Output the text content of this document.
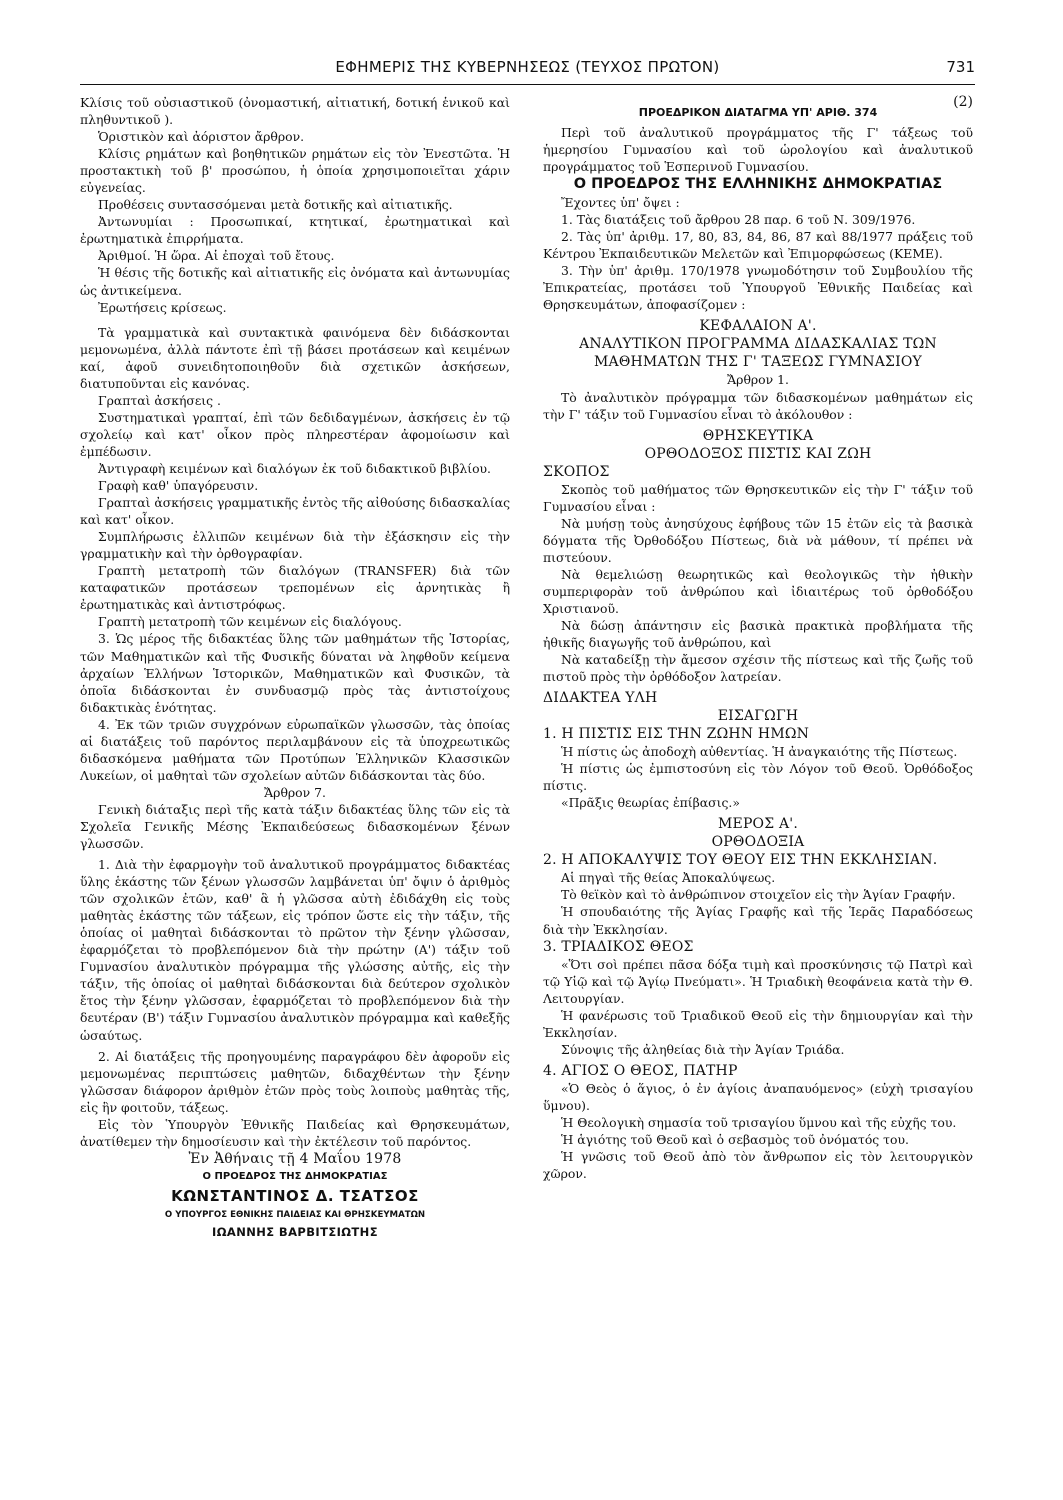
ΕΦΗΜΕΡΙΣ ΤΗΣ ΚΥΒΕΡΝΗΣΕΩΣ (ΤΕΥΧΟΣ ΠΡΩΤΟΝ)	731

Κλίσις τοῦ οὐσιαστικοῦ (ὀνομαστική, αἰτιατική, δοτική ἑνικοῦ καὶ πληθυντικοῦ ).

Ὁριστικὸν καὶ ἀόριστον ἄρθρον.

Κλίσις ρημάτων καὶ βοηθητικῶν ρημάτων εἰς τὸν Ἐνεστῶτα. Ἡ προστακτικὴ τοῦ β' προσώπου, ἡ ὁποία χρησιμοποιεῖται χάριν εὐγενείας.

Προθέσεις συντασσόμεναι μετὰ δοτικῆς καὶ αἰτιατικῆς.

Ἀντωνυμίαι : Προσωπικαί, κτητικαί, ἐρωτηματικαὶ καὶ ἐρωτηματικὰ ἐπιρρήματα.

Ἀριθμοί. Ἡ ὥρα. Αἱ ἐποχαὶ τοῦ ἔτους.

Ἡ θέσις τῆς δοτικῆς καὶ αἰτιατικῆς εἰς ὀνόματα καὶ ἀντωνυμίας ὡς ἀντικείμενα.

Ἐρωτήσεις κρίσεως.

Τὰ γραμματικὰ καὶ συντακτικὰ φαινόμενα δὲν διδάσκονται μεμονωμένα, ἀλλὰ πάντοτε ἐπὶ τῇ βάσει προτάσεων καὶ κειμένων καί, ἀφοῦ συνειδητοποιηθοῦν διὰ σχετικῶν ἀσκήσεων, διατυποῦνται εἰς κανόνας.

Γραπταὶ ἀσκήσεις .

Συστηματικαὶ γραπταί, ἐπὶ τῶν δεδιδαγμένων, ἀσκήσεις ἐν τῷ σχολείῳ καὶ κατ' οἶκον πρὸς πληρεστέραν ἀφομοίωσιν καὶ ἐμπέδωσιν.

Ἀντιγραφὴ κειμένων καὶ διαλόγων ἐκ τοῦ διδακτικοῦ βιβλίου.

Γραφὴ καθ' ὑπαγόρευσιν.

Γραπταὶ ἀσκήσεις γραμματικῆς ἐντὸς τῆς αἰθούσης διδασκαλίας καὶ κατ' οἶκον.

Συμπλήρωσις ἐλλιπῶν κειμένων διὰ τὴν ἐξάσκησιν εἰς τὴν γραμματικὴν καὶ τὴν ὀρθογραφίαν.

Γραπτὴ μετατροπὴ τῶν διαλόγων (TRANSFER) διὰ τῶν καταφατικῶν προτάσεων τρεπομένων εἰς ἀρνητικὰς ἢ ἐρωτηματικὰς καὶ ἀντιστρόφως.

Γραπτὴ μετατροπὴ τῶν κειμένων εἰς διαλόγους.

3. Ὡς μέρος τῆς διδακτέας ὕλης τῶν μαθημάτων τῆς Ἱστορίας, τῶν Μαθηματικῶν καὶ τῆς Φυσικῆς δύναται νὰ ληφθοῦν κείμενα ἀρχαίων Ἑλλήνων Ἱστορικῶν, Μαθηματικῶν καὶ Φυσικῶν, τὰ ὁποῖα διδάσκονται ἐν συνδυασμῷ πρὸς τὰς ἀντιστοίχους διδακτικὰς ἑνότητας.

4. Ἐκ τῶν τριῶν συγχρόνων εὐρωπαϊκῶν γλωσσῶν, τὰς ὁποίας αἱ διατάξεις τοῦ παρόντος περιλαμβάνουν εἰς τὰ ὑποχρεωτικῶς διδασκόμενα μαθήματα τῶν Προτύπων Ἑλληνικῶν Κλασσικῶν Λυκείων, οἱ μαθηταὶ τῶν σχολείων αὐτῶν διδάσκονται τὰς δύο.

Ἄρθρον 7.

Γενικὴ διάταξις περὶ τῆς κατὰ τάξιν διδακτέας ὕλης τῶν εἰς τὰ Σχολεῖα Γενικῆς Μέσης Ἐκπαιδεύσεως διδασκομένων ξένων γλωσσῶν.

1. Διὰ τὴν ἐφαρμογὴν τοῦ ἀναλυτικοῦ προγράμματος διδακτέας ὕλης ἑκάστης τῶν ξένων γλωσσῶν λαμβάνεται ὑπ' ὄψιν ὁ ἀριθμὸς τῶν σχολικῶν ἐτῶν, καθ' ἃ ἡ γλῶσσα αὐτὴ ἐδιδάχθη εἰς τοὺς μαθητὰς ἑκάστης τῶν τάξεων, εἰς τρόπον ὥστε εἰς τὴν τάξιν, τῆς ὁποίας οἱ μαθηταὶ διδάσκονται τὸ πρῶτον τὴν ξένην γλῶσσαν, ἐφαρμόζεται τὸ προβλεπόμενον διὰ τὴν πρώτην (Α') τάξιν τοῦ Γυμνασίου ἀναλυτικὸν πρόγραμμα τῆς γλώσσης αὐτῆς, εἰς τὴν τάξιν, τῆς ὁποίας οἱ μαθηταὶ διδάσκονται διὰ δεύτερον σχολικὸν ἔτος τὴν ξένην γλῶσσαν, ἐφαρμόζεται τὸ προβλεπόμενον διὰ τὴν δευτέραν (Β') τάξιν Γυμνασίου ἀναλυτικὸν πρόγραμμα καὶ καθεξῆς ὡσαύτως.

2. Αἱ διατάξεις τῆς προηγουμένης παραγράφου δὲν ἀφοροῦν εἰς μεμονωμένας περιπτώσεις μαθητῶν, διδαχθέντων τὴν ξένην γλῶσσαν διάφορον ἀριθμὸν ἐτῶν πρὸς τοὺς λοιποὺς μαθητὰς τῆς, εἰς ἣν φοιτοῦν, τάξεως.

Εἰς τὸν Ὑπουργὸν Ἐθνικῆς Παιδείας καὶ Θρησκευμάτων, ἀνατίθεμεν τὴν δημοσίευσιν καὶ τὴν ἐκτέλεσιν τοῦ παρόντος.

Ἐν Ἀθήναις τῇ 4 Μαΐου 1978

Ο ΠΡΟΕΔΡΟΣ ΤΗΣ ΔΗΜΟΚΡΑΤΙΑΣ

ΚΩΝΣΤΑΝΤΙΝΟΣ Δ. ΤΣΑΤΣΟΣ

Ο ΥΠΟΥΡΓΟΣ ΕΘΝΙΚΗΣ ΠΑΙΔΕΙΑΣ ΚΑΙ ΘΡΗΣΚΕΥΜΑΤΩΝ

ΙΩΑΝΝΗΣ ΒΑΡΒΙΤΣΙΩΤΗΣ

(2)

ΠΡΟΕΔΡΙΚΟΝ ΔΙΑΤΑΓΜΑ ΥΠ' ΑΡΙΘ. 374

Περὶ τοῦ ἀναλυτικοῦ προγράμματος τῆς Γ' τάξεως τοῦ ἡμερησίου Γυμνασίου καὶ τοῦ ὡρολογίου καὶ ἀναλυτικοῦ προγράμματος τοῦ Ἑσπερινοῦ Γυμνασίου.

Ο ΠΡΟΕΔΡΟΣ ΤΗΣ ΕΛΛΗΝΙΚΗΣ ΔΗΜΟΚΡΑΤΙΑΣ

Ἔχοντες ὑπ' ὄψει :

1. Τὰς διατάξεις τοῦ ἄρθρου 28 παρ. 6 τοῦ Ν. 309/1976.

2. Τὰς ὑπ' ἀριθμ. 17, 80, 83, 84, 86, 87 καὶ 88/1977 πράξεις τοῦ Κέντρου Ἐκπαιδευτικῶν Μελετῶν καὶ Ἐπιμορφώσεως (ΚΕΜΕ).

3. Τὴν ὑπ' ἀριθμ. 170/1978 γνωμοδότησιν τοῦ Συμβουλίου τῆς Ἐπικρατείας, προτάσει τοῦ Ὑπουργοῦ Ἐθνικῆς Παιδείας καὶ Θρησκευμάτων, ἀποφασίζομεν :

ΚΕΦΑΛΑΙΟΝ Α'.

ΑΝΑΛΥΤΙΚΟΝ ΠΡΟΓΡΑΜΜΑ ΔΙΔΑΣΚΑΛΙΑΣ ΤΩΝ ΜΑΘΗΜΑΤΩΝ ΤΗΣ Γ' ΤΑΞΕΩΣ ΓΥΜΝΑΣΙΟΥ

Ἄρθρον 1.

Τὸ ἀναλυτικὸν πρόγραμμα τῶν διδασκομένων μαθημάτων εἰς τὴν Γ' τάξιν τοῦ Γυμνασίου εἶναι τὸ ἀκόλουθον :

ΘΡΗΣΚΕΥΤΙΚΑ

ΟΡΘΟΔΟΞΟΣ ΠΙΣΤΙΣ ΚΑΙ ΖΩΗ

ΣΚΟΠΟΣ

Σκοπὸς τοῦ μαθήματος τῶν Θρησκευτικῶν εἰς τὴν Γ' τάξιν τοῦ Γυμνασίου εἶναι :

Νὰ μυήσῃ τοὺς ἀνησύχους ἐφήβους τῶν 15 ἐτῶν εἰς τὰ βασικὰ δόγματα τῆς Ὀρθοδόξου Πίστεως, διὰ νὰ μάθουν, τί πρέπει νὰ πιστεύουν.

Νὰ θεμελιώσῃ θεωρητικῶς καὶ θεολογικῶς τὴν ἠθικὴν συμπεριφορὰν τοῦ ἀνθρώπου καὶ ἰδιαιτέρως τοῦ ὀρθοδόξου Χριστιανοῦ.

Νὰ δώσῃ ἀπάντησιν εἰς βασικὰ πρακτικὰ προβλήματα τῆς ἠθικῆς διαγωγῆς τοῦ ἀνθρώπου, καὶ

Νὰ καταδείξῃ τὴν ἄμεσον σχέσιν τῆς πίστεως καὶ τῆς ζωῆς τοῦ πιστοῦ πρὸς τὴν ὀρθόδοξον λατρείαν.

ΔΙΔΑΚΤΕΑ ΥΛΗ

ΕΙΣΑΓΩΓΗ

1. Η ΠΙΣΤΙΣ ΕΙΣ ΤΗΝ ΖΩΗΝ ΗΜΩΝ

Ἡ πίστις ὡς ἀποδοχὴ αὐθεντίας. Ἡ ἀναγκαιότης τῆς Πίστεως.

Ἡ πίστις ὡς ἐμπιστοσύνη εἰς τὸν Λόγον τοῦ Θεοῦ. Ὀρθόδοξος πίστις.

«Πρᾶξις θεωρίας ἐπίβασις.»

ΜΕΡΟΣ Α'.

ΟΡΘΟΔΟΞΙΑ

2. Η ΑΠΟΚΑΛΥΨΙΣ ΤΟΥ ΘΕΟΥ ΕΙΣ ΤΗΝ ΕΚΚΛΗΣΙΑΝ.

Αἱ πηγαὶ τῆς θείας Ἀποκαλύψεως.

Τὸ θεϊκὸν καὶ τὸ ἀνθρώπινον στοιχεῖον εἰς τὴν Ἁγίαν Γραφήν.

Ἡ σπουδαιότης τῆς Ἁγίας Γραφῆς καὶ τῆς Ἱερᾶς Παραδόσεως διὰ τὴν Ἐκκλησίαν.

3. ΤΡΙΑΔΙΚΟΣ ΘΕΟΣ

«Ὅτι σοὶ πρέπει πᾶσα δόξα τιμὴ καὶ προσκύνησις τῷ Πατρὶ καὶ τῷ Υἱῷ καὶ τῷ Ἁγίῳ Πνεύματι». Ἡ Τριαδικὴ θεοφάνεια κατὰ τὴν Θ. Λειτουργίαν.

Ἡ φανέρωσις τοῦ Τριαδικοῦ Θεοῦ εἰς τὴν δημιουργίαν καὶ τὴν Ἐκκλησίαν.

Σύνοψις τῆς ἀληθείας διὰ τὴν Ἁγίαν Τριάδα.

4. ΑΓΙΟΣ Ο ΘΕΟΣ, ΠΑΤΗΡ

«Ὁ Θεὸς ὁ ἅγιος, ὁ ἐν ἁγίοις ἀναπαυόμενος» (εὐχὴ τρισαγίου ὕμνου).

Ἡ Θεολογικὴ σημασία τοῦ τρισαγίου ὕμνου καὶ τῆς εὐχῆς του.

Ἡ ἁγιότης τοῦ Θεοῦ καὶ ὁ σεβασμὸς τοῦ ὀνόματός του.

Ἡ γνῶσις τοῦ Θεοῦ ἀπὸ τὸν ἄνθρωπον εἰς τὸν λειτουργικὸν χῶρον.
